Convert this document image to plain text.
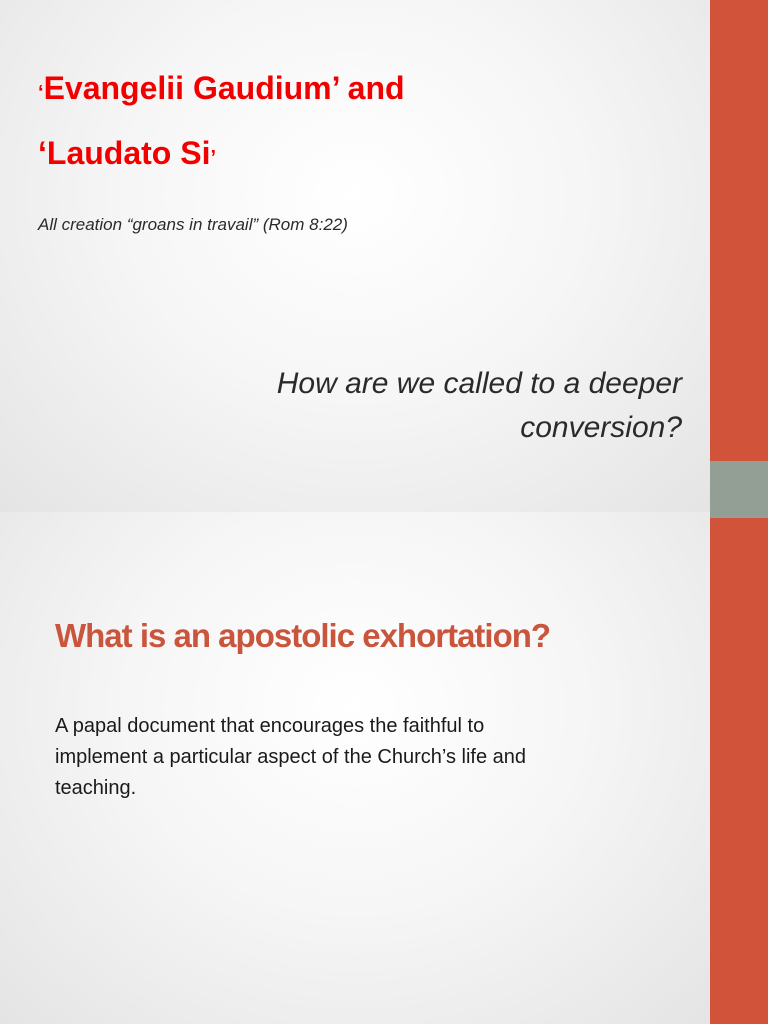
‘Evangelii Gaudium’ and
‘Laudato Si’

All creation “groans in travail” (Rom 8:22)

How are we called to a deeper
conversion?

What is an apostolic exhortation?

A papal document that encourages the faithful to
implement a particular aspect of the Church’s life and
teaching.
